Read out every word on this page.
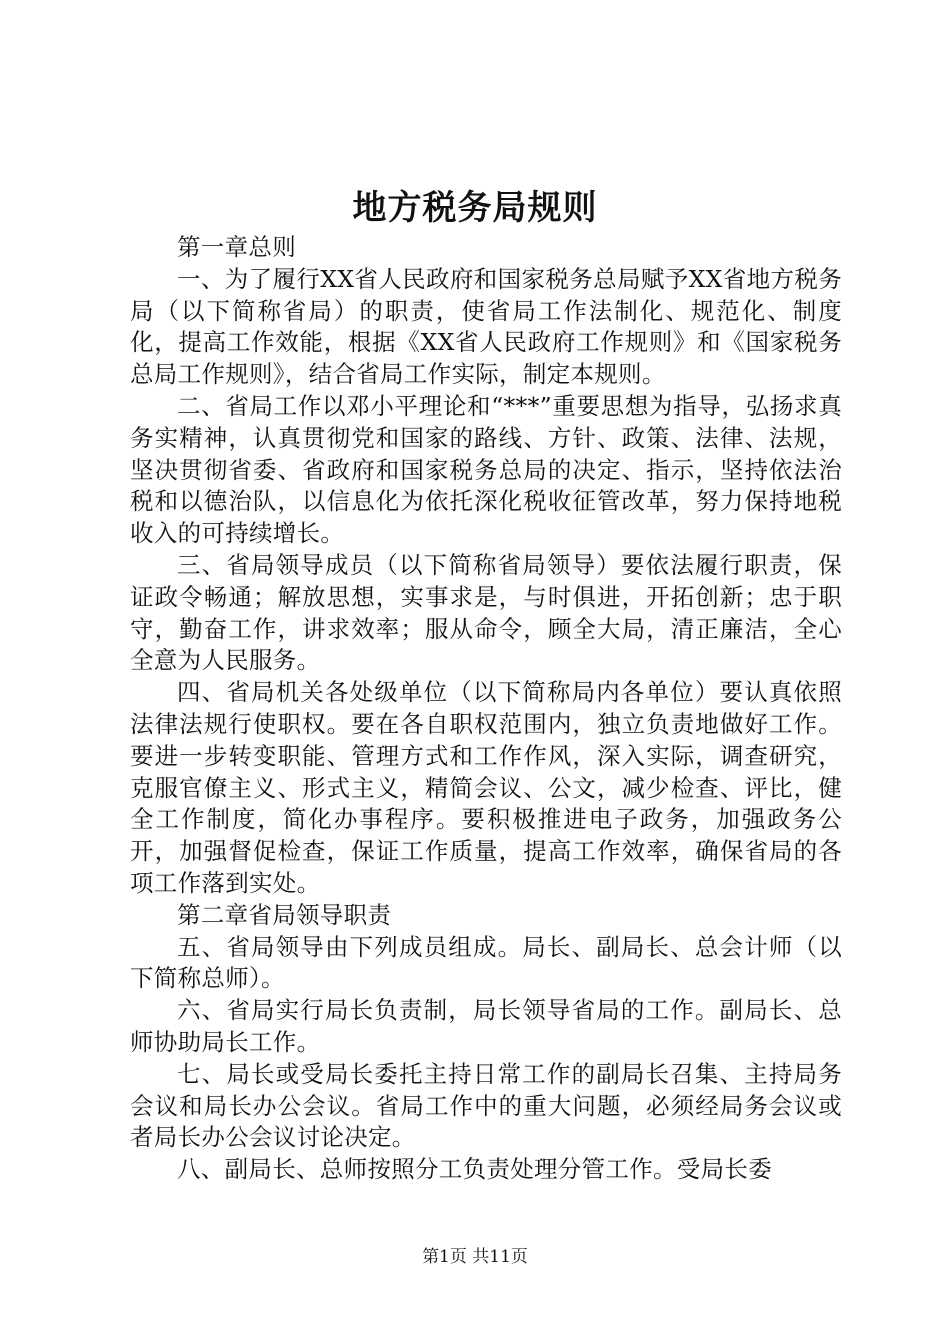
地方税务局规则

第一章总则

一、为了履行XX省人民政府和国家税务总局赋予XX省地方税务局（以下简称省局）的职责，使省局工作法制化、规范化、制度化，提高工作效能，根据《XX省人民政府工作规则》和《国家税务总局工作规则》，结合省局工作实际，制定本规则。

二、省局工作以邓小平理论和“***”重要思想为指导，弘扬求真务实精神，认真贯彻党和国家的路线、方针、政策、法律、法规，坚决贯彻省委、省政府和国家税务总局的决定、指示，坚持依法治税和以德治队，以信息化为依托深化税收征管改革，努力保持地税收入的可持续增长。

三、省局领导成员（以下简称省局领导）要依法履行职责，保证政令畅通；解放思想，实事求是，与时俱进，开拓创新；忠于职守，勤奋工作，讲求效率；服从命令，顾全大局，清正廉洁，全心全意为人民服务。

四、省局机关各处级单位（以下简称局内各单位）要认真依照法律法规行使职权。要在各自职权范围内，独立负责地做好工作。要进一步转变职能、管理方式和工作作风，深入实际，调查研究，克服官僚主义、形式主义，精简会议、公文，减少检查、评比，健全工作制度，简化办事程序。要积极推进电子政务，加强政务公开，加强督促检查，保证工作质量，提高工作效率，确保省局的各项工作落到实处。

第二章省局领导职责

五、省局领导由下列成员组成。局长、副局长、总会计师（以下简称总师）。

六、省局实行局长负责制，局长领导省局的工作。副局长、总师协助局长工作。

七、局长或受局长委托主持日常工作的副局长召集、主持局务会议和局长办公会议。省局工作中的重大问题，必须经局务会议或者局长办公会议讨论决定。

八、副局长、总师按照分工负责处理分管工作。受局长委

第1页 共11页
